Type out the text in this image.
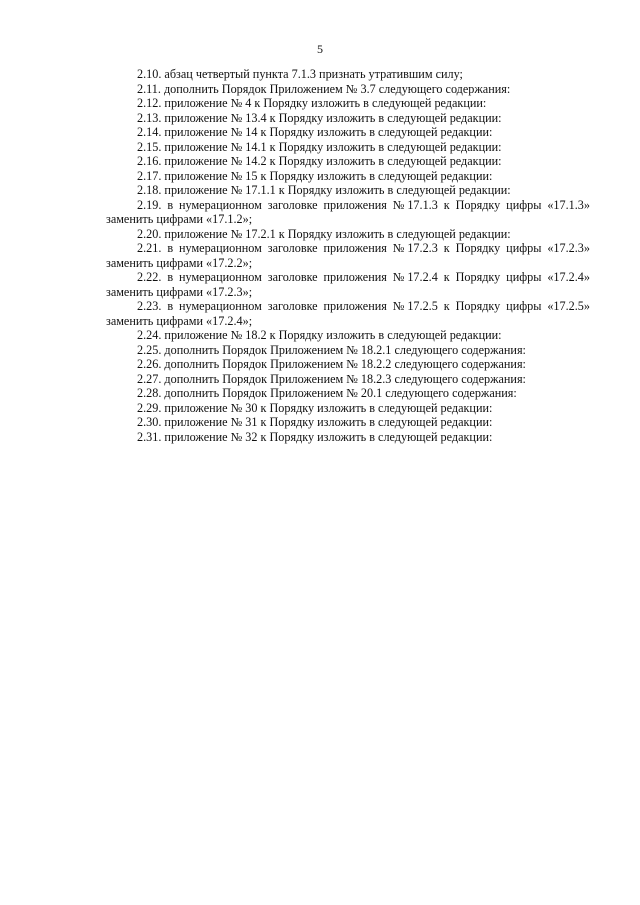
5

2.10. абзац четвертый пункта 7.1.3 признать утратившим силу;

2.11. дополнить Порядок Приложением № 3.7 следующего содержания:

2.12. приложение № 4 к Порядку изложить в следующей редакции:

2.13. приложение № 13.4 к Порядку изложить в следующей редакции:

2.14. приложение № 14 к Порядку изложить в следующей редакции:

2.15. приложение № 14.1 к Порядку изложить в следующей редакции:

2.16. приложение № 14.2 к Порядку изложить в следующей редакции:

2.17. приложение № 15 к Порядку изложить в следующей редакции:

2.18. приложение № 17.1.1 к Порядку изложить в следующей редакции:

2.19. в нумерационном заголовке приложения №17.1.3 к Порядку цифры «17.1.3» заменить цифрами «17.1.2»;

2.20. приложение № 17.2.1 к Порядку изложить в следующей редакции:

2.21. в нумерационном заголовке приложения №17.2.3 к Порядку цифры «17.2.3» заменить цифрами «17.2.2»;

2.22. в нумерационном заголовке приложения №17.2.4 к Порядку цифры «17.2.4» заменить цифрами «17.2.3»;

2.23. в нумерационном заголовке приложения №17.2.5 к Порядку цифры «17.2.5» заменить цифрами «17.2.4»;

2.24. приложение № 18.2 к Порядку изложить в следующей редакции:

2.25. дополнить Порядок Приложением № 18.2.1 следующего содержания:

2.26. дополнить Порядок Приложением № 18.2.2 следующего содержания:

2.27. дополнить Порядок Приложением № 18.2.3 следующего содержания:

2.28. дополнить Порядок Приложением № 20.1 следующего содержания:

2.29. приложение № 30 к Порядку изложить в следующей редакции:

2.30. приложение № 31 к Порядку изложить в следующей редакции:

2.31. приложение № 32 к Порядку изложить в следующей редакции:
